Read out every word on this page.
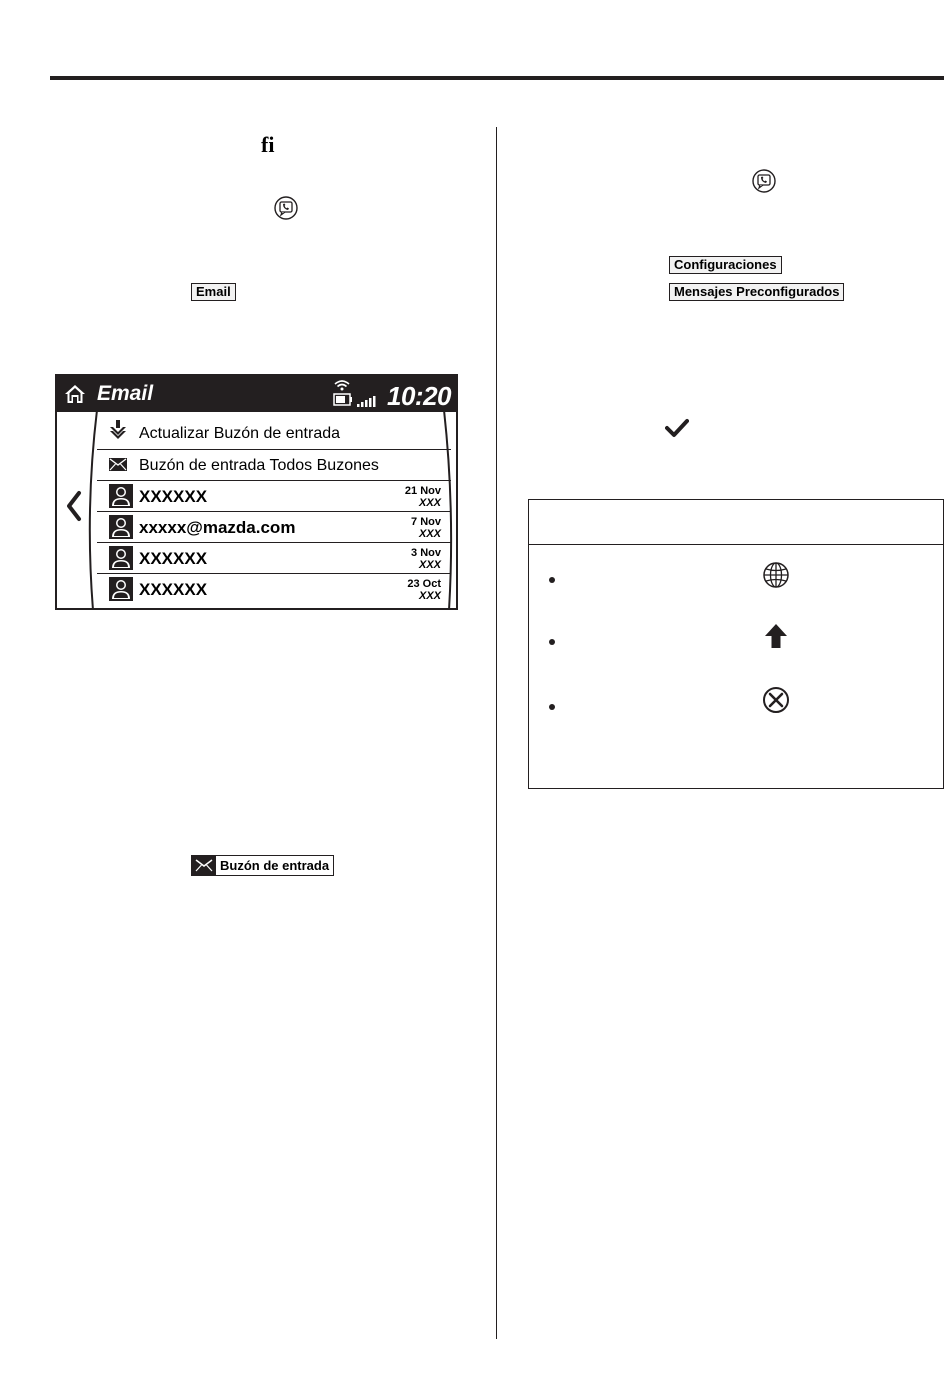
fi
Email
Email	10:20
Actualizar Buzón de entrada
Buzón de entrada Todos Buzones
XXXXXX	21 Nov
XXX
xxxxx@mazda.com	7 Nov
XXX
XXXXXX	3 Nov
XXX
XXXXXX	23 Oct
XXX
Buzón de entrada
Configuraciones
Mensajes Preconfigurados
